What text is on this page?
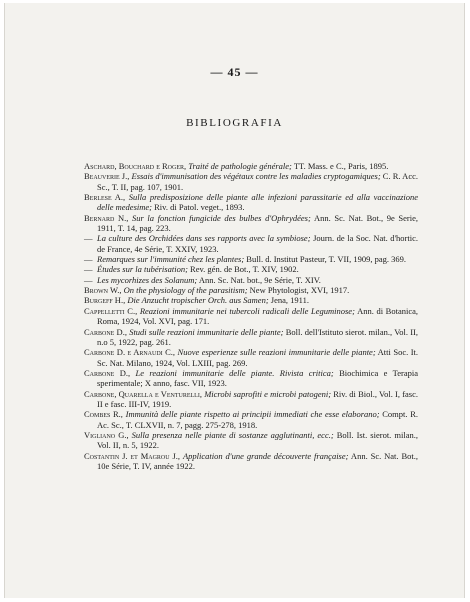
— 45 —
BIBLIOGRAFIA

Aschard, Bouchard e Roger, Traité de pathologie générale; TT. Mass. e C., Paris, 1895.

Beauverie J., Essais d'immunisation des végétaux contre les maladies cryptogamiques; C. R. Acc. Sc., T. II, pag. 107, 1901.

Berlese A., Sulla predisposizione delle piante alle infezioni parassitarie ed alla vaccinazione delle medesime; Riv. di Patol. veget., 1893.

Bernard N., Sur la fonction fungicide des bulbes d'Ophrydées; Ann. Sc. Nat. Bot., 9e Serie, 1911, T. 14, pag. 223.

— La culture des Orchidées dans ses rapports avec la symbiose; Journ. de la Soc. Nat. d'hortic. de France, 4e Série, T. XXIV, 1923.

— Remarques sur l'immunité chez les plantes; Bull. d. Institut Pasteur, T. VII, 1909, pag. 369.

— Études sur la tubérisation; Rev. gén. de Bot., T. XIV, 1902.

— Les mycorhizes des Solanum; Ann. Sc. Nat. bot., 9e Série, T. XIV.

Brown W., On the physiology of the parasitism; New Phytologist, XVI, 1917.

Burgeff H., Die Anzucht tropischer Orch. aus Samen; Jena, 1911.

Cappelletti C., Reazioni immunitarie nei tubercoli radicali delle Leguminose; Ann. di Botanica, Roma, 1924, Vol. XVI, pag. 171.

Carbone D., Studi sulle reazioni immunitarie delle piante; Boll. dell'Istituto sierot. milan., Vol. II, n.o 5, 1922, pag. 261.

Carbone D. e Arnaudi C., Nuove esperienze sulle reazioni immunitarie delle piante; Atti Soc. It. Sc. Nat. Milano, 1924, Vol. LXIII, pag. 269.

Carbone D., Le reazioni immunitarie delle piante. Rivista critica; Biochimica e Terapia sperimentale; X anno, fasc. VII, 1923.

Carbone, Quarella e Venturelli, Microbi saprofiti e microbi patogeni; Riv. di Biol., Vol. I, fasc. II e fasc. III-IV, 1919.

Combes R., Immunità delle piante rispetto ai principii immediati che esse elaborano; Compt. R. Ac. Sc., T. CLXVII, n. 7, pagg. 275-278, 1918.

Vigliano G., Sulla presenza nelle piante di sostanze agglutinanti, ecc.; Boll. Ist. sierot. milan., Vol. II, n. 5, 1922.

Costantin J. et Magrou J., Application d'une grande découverte française; Ann. Sc. Nat. Bot., 10e Série, T. IV, année 1922.
